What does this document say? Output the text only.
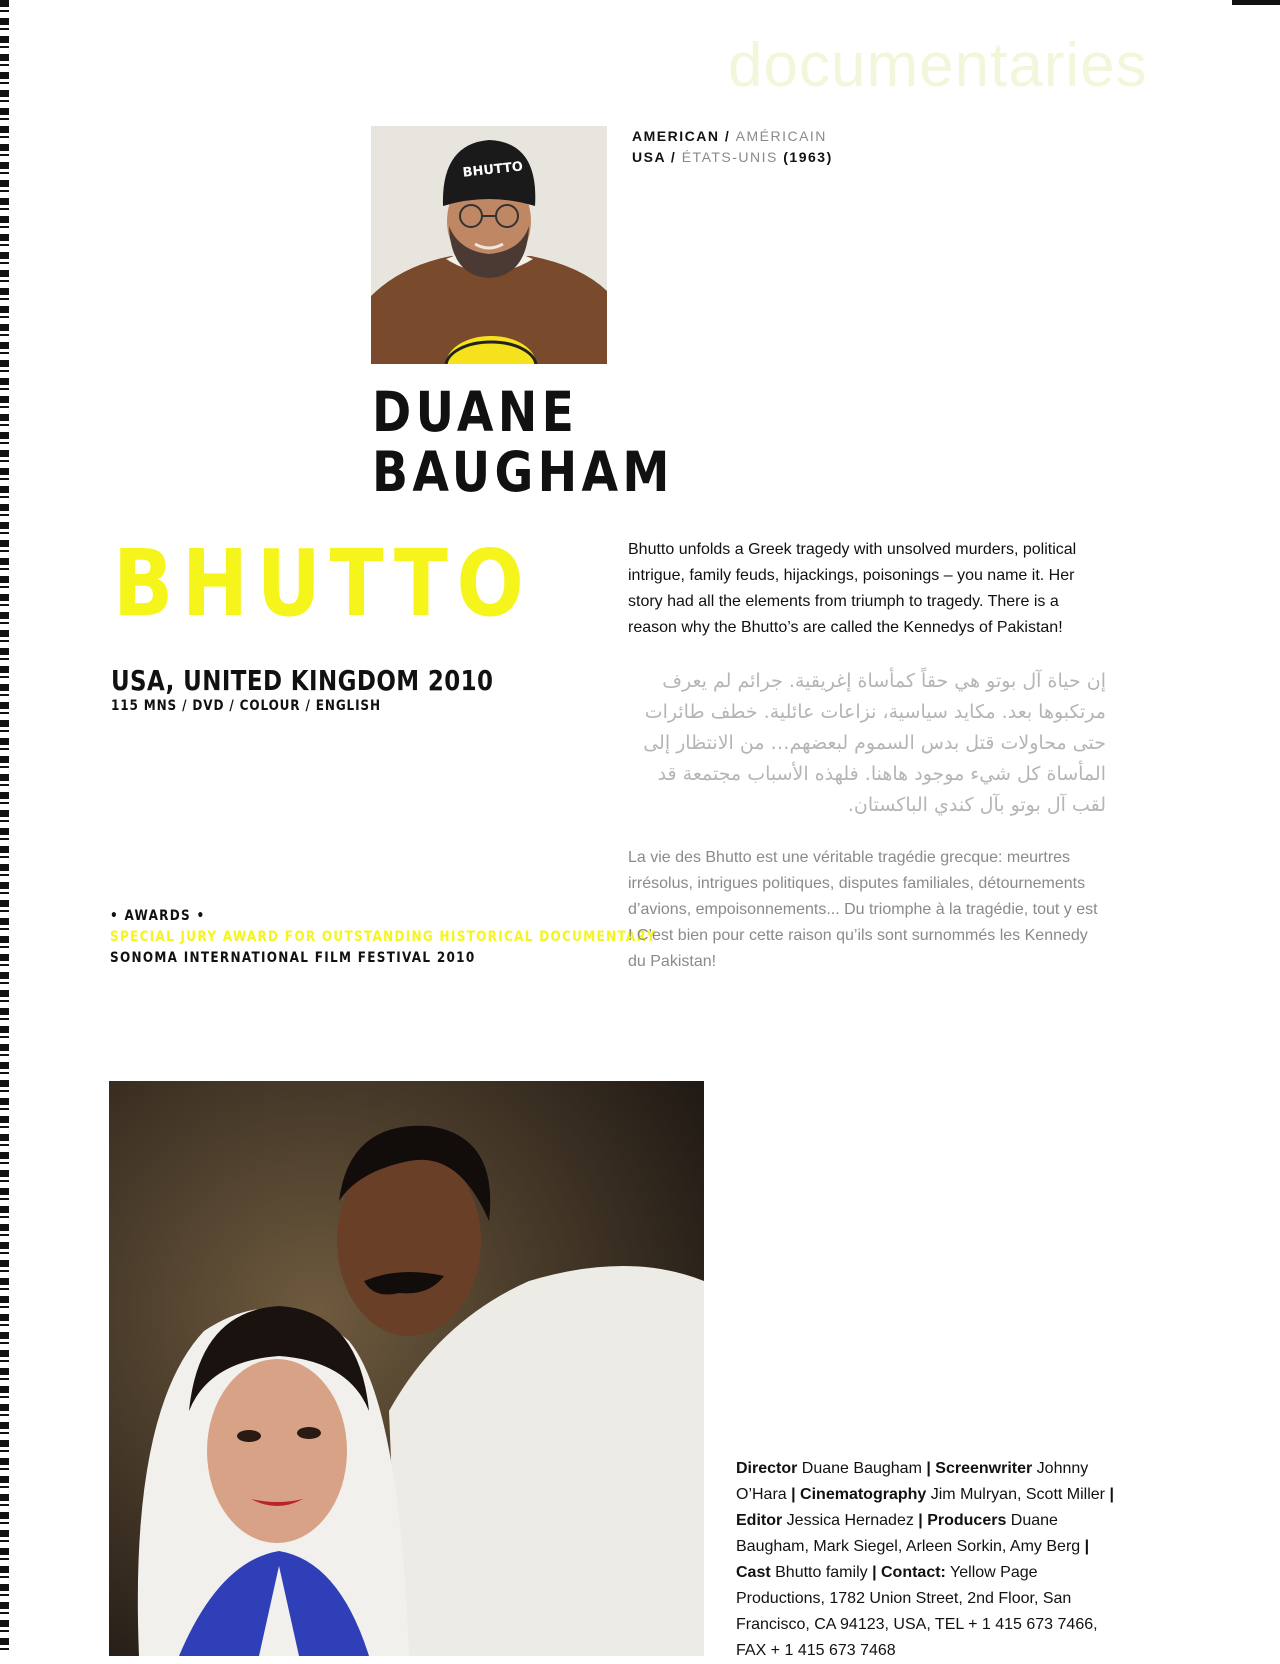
documentaries
BHUTTO
AMERICAN / AMÉRICAIN
USA / ÉTATS-UNIS (1963)
DUANE
BAUGHAM
BHUTTO
USA, UNITED KINGDOM 2010
115 MNS / DVD / COLOUR / ENGLISH
• AWARDS •
SPECIAL JURY AWARD FOR OUTSTANDING HISTORICAL DOCUMENTARY
SONOMA INTERNATIONAL FILM FESTIVAL 2010
Bhutto unfolds a Greek tragedy with unsolved murders, political intrigue, family feuds, hijackings, poisonings – you name it. Her story had all the elements from triumph to tragedy. There is a reason why the Bhutto’s are called the Kennedys of Pakistan!
إن حياة آل بوتو هي حقاً كمأساة إغريقية. جرائم لم يعرف مرتكبوها بعد. مكايد سياسية، نزاعات عائلية. خطف طائرات حتى محاولات قتل بدس السموم لبعضهم… من الانتظار إلى المأساة كل شيء موجود هاهنا. فلهذه الأسباب مجتمعة قد لقب آل بوتو بآل كندي الباكستان.
La vie des Bhutto est une véritable tragédie grecque: meurtres irrésolus, intrigues politiques, disputes familiales, détournements d’avions, empoisonnements... Du triomphe à la tragédie, tout y est ! C’est bien pour cette raison qu’ils sont surnommés les Kennedy du Pakistan!
Director Duane Baugham | Screenwriter Johnny O’Hara | Cinematography Jim Mulryan, Scott Miller | Editor Jessica Hernadez | Producers Duane Baugham, Mark Siegel, Arleen Sorkin, Amy Berg | Cast Bhutto family | Contact: Yellow Page Productions, 1782 Union Street, 2nd Floor, San Francisco, CA 94123, USA, TEL + 1 415 673 7466, FAX + 1 415 673 7468
